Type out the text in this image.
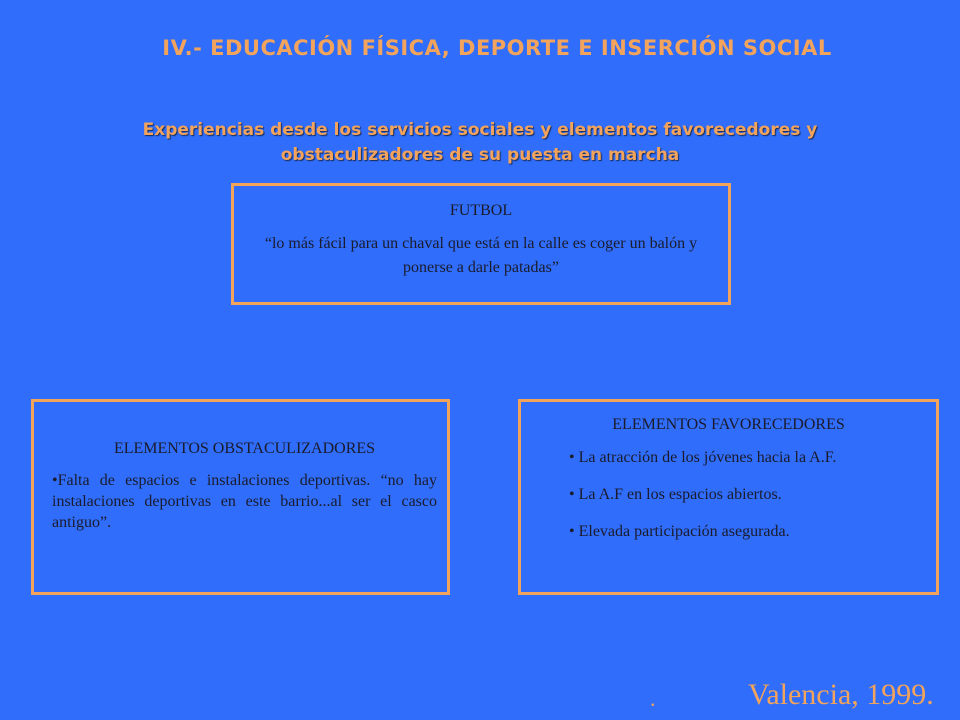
IV.- EDUCACIÓN FÍSICA, DEPORTE E INSERCIÓN SOCIAL
Experiencias desde los servicios sociales y elementos favorecedores y
obstaculizadores de su puesta en marcha
FUTBOL
“lo más fácil para un chaval que está en la calle es coger un balón y ponerse a darle patadas”
ELEMENTOS OBSTACULIZADORES
•Falta de espacios e instalaciones deportivas. “no hay instalaciones deportivas en este barrio...al ser el casco antiguo”.
ELEMENTOS FAVORECEDORES
• La atracción de los jóvenes hacia la A.F.
• La A.F en los espacios abiertos.
• Elevada participación asegurada.
.	Valencia, 1999.
